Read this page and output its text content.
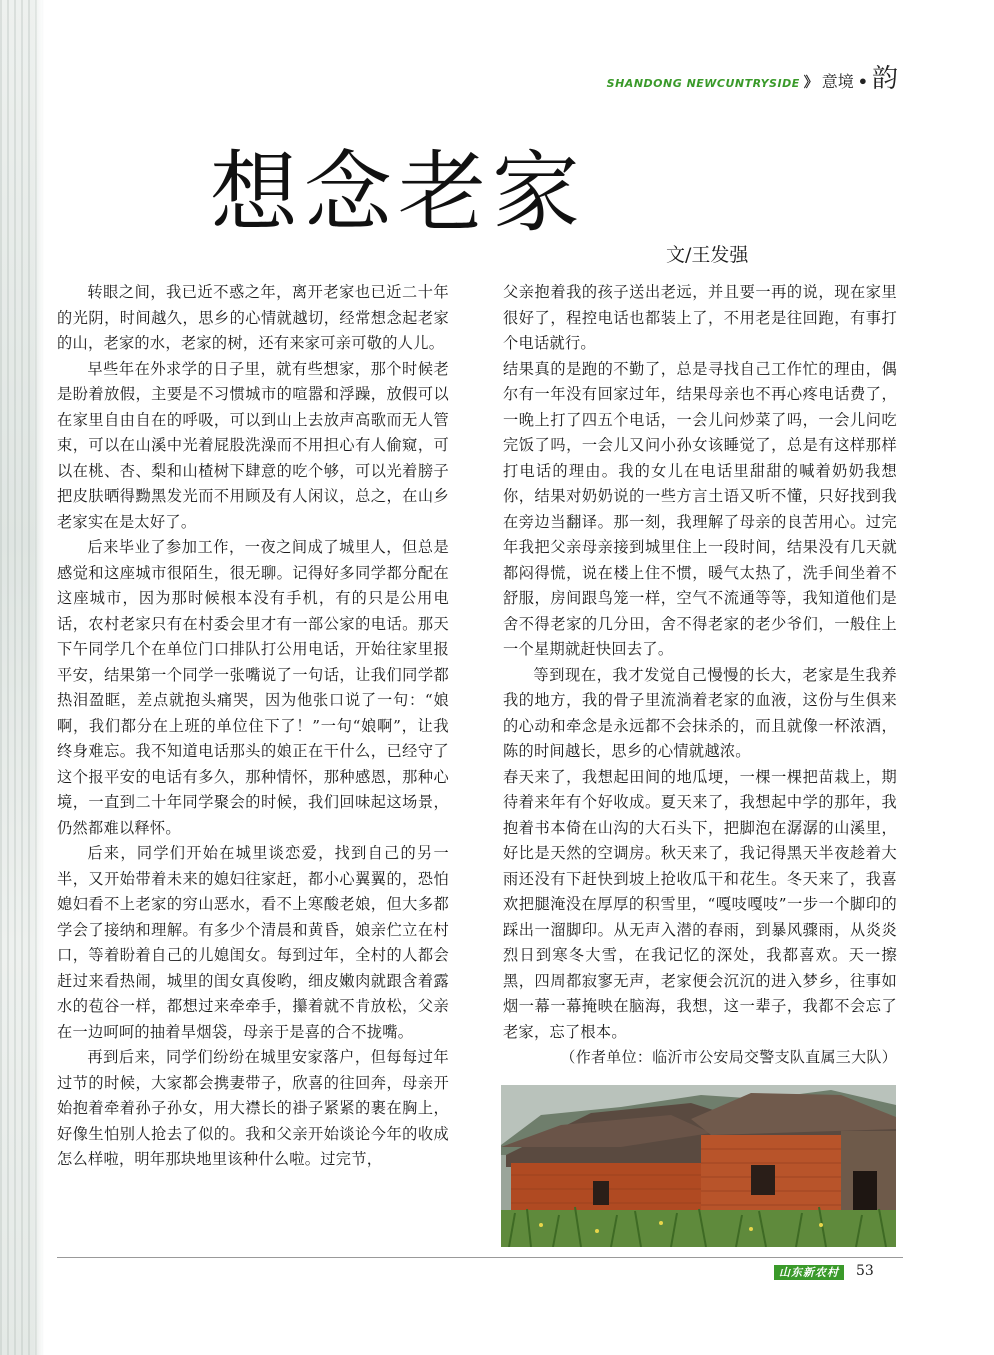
SHANDONG NEWCUNTRYSIDE 》 意境 • 韵
想念老家
文/王发强

转眼之间，我已近不惑之年，离开老家也已近二十年的光阴，时间越久，思乡的心情就越切，经常想念起老家的山，老家的水，老家的树，还有来家可亲可敬的人儿。

早些年在外求学的日子里，就有些想家，那个时候老是盼着放假，主要是不习惯城市的喧嚣和浮躁，放假可以在家里自由自在的呼吸，可以到山上去放声高歌而无人管束，可以在山溪中光着屁股洗澡而不用担心有人偷窥，可以在桃、杏、梨和山楂树下肆意的吃个够，可以光着膀子把皮肤晒得黝黑发光而不用顾及有人闲议，总之，在山乡老家实在是太好了。

后来毕业了参加工作，一夜之间成了城里人，但总是感觉和这座城市很陌生，很无聊。记得好多同学都分配在这座城市，因为那时候根本没有手机，有的只是公用电话，农村老家只有在村委会里才有一部公家的电话。那天下午同学几个在单位门口排队打公用电话，开始往家里报平安，结果第一个同学一张嘴说了一句话，让我们同学都热泪盈眶，差点就抱头痛哭，因为他张口说了一句：“娘啊，我们都分在上班的单位住下了！”一句“娘啊”，让我终身难忘。我不知道电话那头的娘正在干什么，已经守了这个报平安的电话有多久，那种情怀，那种感恩，那种心境，一直到二十年同学聚会的时候，我们回味起这场景，仍然都难以释怀。

后来，同学们开始在城里谈恋爱，找到自己的另一半，又开始带着未来的媳妇往家赶，都小心翼翼的，恐怕媳妇看不上老家的穷山恶水，看不上寒酸老娘，但大多都学会了接纳和理解。有多少个清晨和黄昏，娘亲伫立在村口，等着盼着自己的儿媳闺女。每到过年，全村的人都会赶过来看热闹，城里的闺女真俊哟，细皮嫩肉就跟含着露水的苞谷一样，都想过来牵牵手，攥着就不肯放松，父亲在一边呵呵的抽着旱烟袋，母亲于是喜的合不拢嘴。

再到后来，同学们纷纷在城里安家落户，但每每过年过节的时候，大家都会携妻带子，欣喜的往回奔，母亲开始抱着牵着孙子孙女，用大襟长的褂子紧紧的裹在胸上，好像生怕别人抢去了似的。我和父亲开始谈论今年的收成怎么样啦，明年那块地里该种什么啦。过完节，

父亲抱着我的孩子送出老远，并且要一再的说，现在家里很好了，程控电话也都装上了，不用老是往回跑，有事打个电话就行。

结果真的是跑的不勤了，总是寻找自己工作忙的理由，偶尔有一年没有回家过年，结果母亲也不再心疼电话费了，一晚上打了四五个电话，一会儿问炒菜了吗，一会儿问吃完饭了吗，一会儿又问小孙女该睡觉了，总是有这样那样打电话的理由。我的女儿在电话里甜甜的喊着奶奶我想你，结果对奶奶说的一些方言土语又听不懂，只好找到我在旁边当翻译。那一刻，我理解了母亲的良苦用心。过完年我把父亲母亲接到城里住上一段时间，结果没有几天就都闷得慌，说在楼上住不惯，暖气太热了，洗手间坐着不舒服，房间跟鸟笼一样，空气不流通等等，我知道他们是舍不得老家的几分田，舍不得老家的老少爷们，一般住上一个星期就赶快回去了。

等到现在，我才发觉自己慢慢的长大，老家是生我养我的地方，我的骨子里流淌着老家的血液，这份与生俱来的心动和牵念是永远都不会抹杀的，而且就像一杯浓酒，陈的时间越长，思乡的心情就越浓。

春天来了，我想起田间的地瓜埂，一棵一棵把苗栽上，期待着来年有个好收成。夏天来了，我想起中学的那年，我抱着书本倚在山沟的大石头下，把脚泡在潺潺的山溪里，好比是天然的空调房。秋天来了，我记得黑天半夜趁着大雨还没有下赶快到坡上抢收瓜干和花生。冬天来了，我喜欢把腿淹没在厚厚的积雪里，“嘎吱嘎吱”一步一个脚印的踩出一溜脚印。从无声入潜的春雨，到暴风骤雨，从炎炎烈日到寒冬大雪，在我记忆的深处，我都喜欢。天一擦黑，四周都寂寥无声，老家便会沉沉的进入梦乡，往事如烟一幕一幕掩映在脑海，我想，这一辈子，我都不会忘了老家，忘了根本。

（作者单位：临沂市公安局交警支队直属三大队）

山东新农村	53
